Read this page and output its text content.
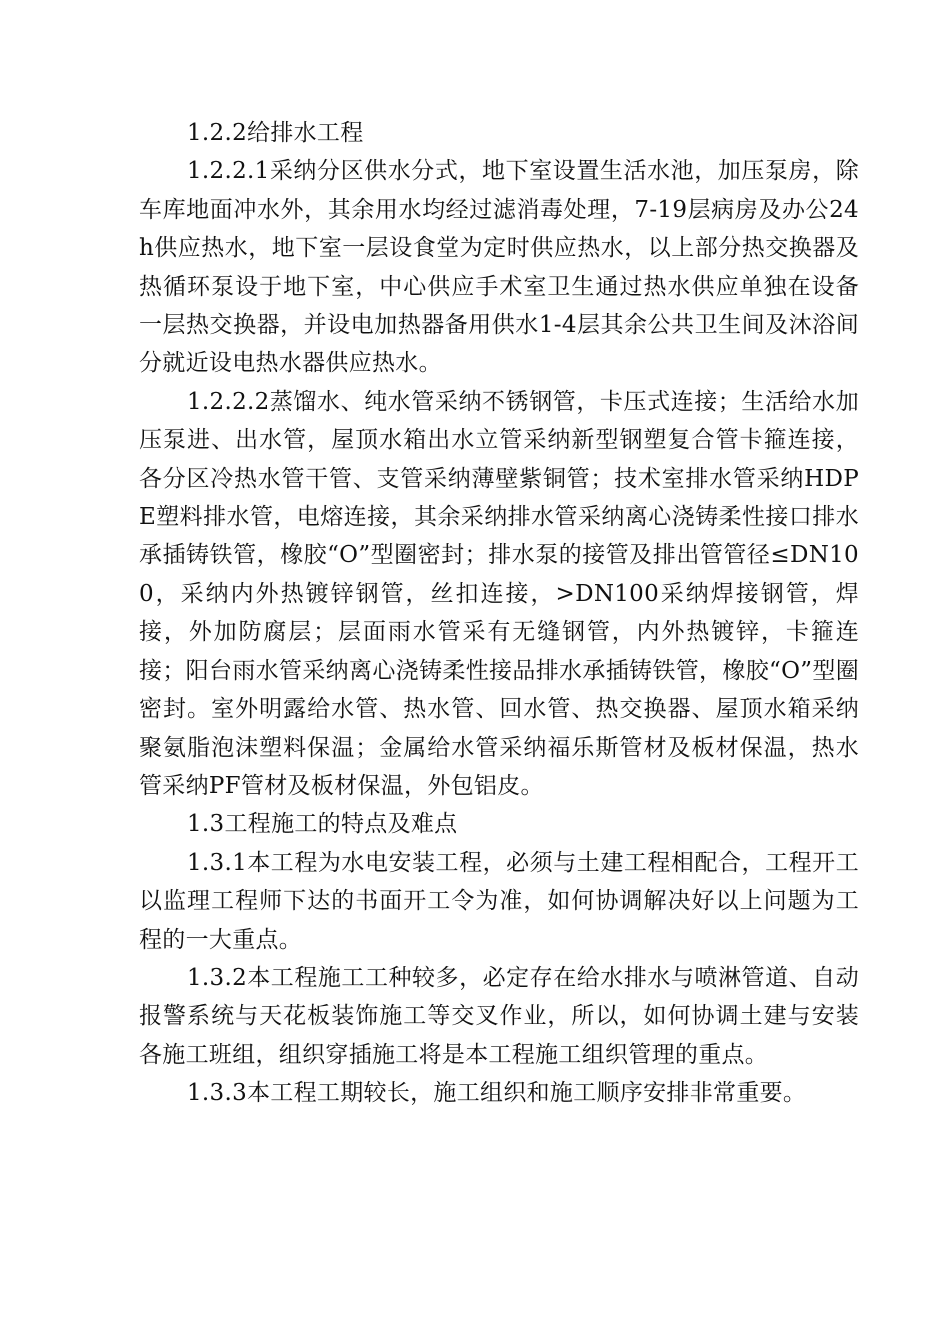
1.2.2给排水工程

1.2.2.1采纳分区供水分式，地下室设置生活水池，加压泵房，除车库地面冲水外，其余用水均经过滤消毒处理，7-19层病房及办公24h供应热水，地下室一层设食堂为定时供应热水，以上部分热交换器及热循环泵设于地下室，中心供应手术室卫生通过热水供应单独在设备一层热交换器，并设电加热器备用供水1-4层其余公共卫生间及沐浴间分就近设电热水器供应热水。

1.2.2.2蒸馏水、纯水管采纳不锈钢管，卡压式连接；生活给水加压泵进、出水管，屋顶水箱出水立管采纳新型钢塑复合管卡箍连接，各分区冷热水管干管、支管采纳薄壁紫铜管；技术室排水管采纳HDPE塑料排水管，电熔连接，其余采纳排水管采纳离心浇铸柔性接口排水承插铸铁管，橡胶“O”型圈密封；排水泵的接管及排出管管径≤DN100，采纳内外热镀锌钢管，丝扣连接，>DN100采纳焊接钢管，焊接，外加防腐层；层面雨水管采有无缝钢管，内外热镀锌，卡箍连接；阳台雨水管采纳离心浇铸柔性接品排水承插铸铁管，橡胶“O”型圈密封。室外明露给水管、热水管、回水管、热交换器、屋顶水箱采纳聚氨脂泡沫塑料保温；金属给水管采纳福乐斯管材及板材保温，热水管采纳PF管材及板材保温，外包铝皮。

1.3工程施工的特点及难点

1.3.1本工程为水电安装工程，必须与土建工程相配合，工程开工以监理工程师下达的书面开工令为准，如何协调解决好以上问题为工程的一大重点。

1.3.2本工程施工工种较多，必定存在给水排水与喷淋管道、自动报警系统与天花板装饰施工等交叉作业，所以，如何协调土建与安装各施工班组，组织穿插施工将是本工程施工组织管理的重点。

1.3.3本工程工期较长，施工组织和施工顺序安排非常重要。
